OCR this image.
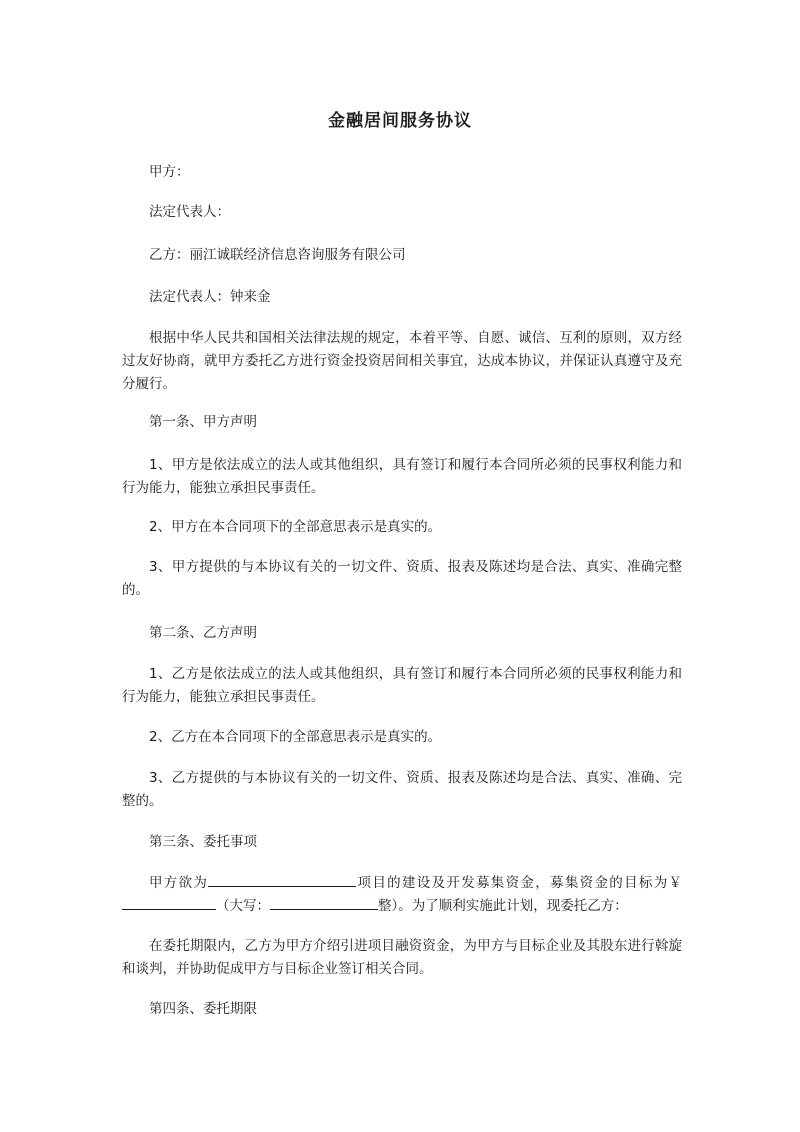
金融居间服务协议
甲方：
法定代表人：
乙方：丽江诚联经济信息咨询服务有限公司
法定代表人：钟来金
根据中华人民共和国相关法律法规的规定，本着平等、自愿、诚信、互利的原则，双方经过友好协商，就甲方委托乙方进行资金投资居间相关事宜，达成本协议，并保证认真遵守及充分履行。
第一条、甲方声明
1、甲方是依法成立的法人或其他组织，具有签订和履行本合同所必须的民事权利能力和行为能力，能独立承担民事责任。
2、甲方在本合同项下的全部意思表示是真实的。
3、甲方提供的与本协议有关的一切文件、资质、报表及陈述均是合法、真实、准确完整的。
第二条、乙方声明
1、乙方是依法成立的法人或其他组织，具有签订和履行本合同所必须的民事权利能力和行为能力，能独立承担民事责任。
2、乙方在本合同项下的全部意思表示是真实的。
3、乙方提供的与本协议有关的一切文件、资质、报表及陈述均是合法、真实、准确、完整的。
第三条、委托事项
甲方欲为	项目的建设及开发募集资金，募集资金的目标为￥（大写：	整）。为了顺利实施此计划，现委托乙方：
在委托期限内，乙方为甲方介绍引进项目融资资金，为甲方与目标企业及其股东进行斡旋和谈判，并协助促成甲方与目标企业签订相关合同。
第四条、委托期限
